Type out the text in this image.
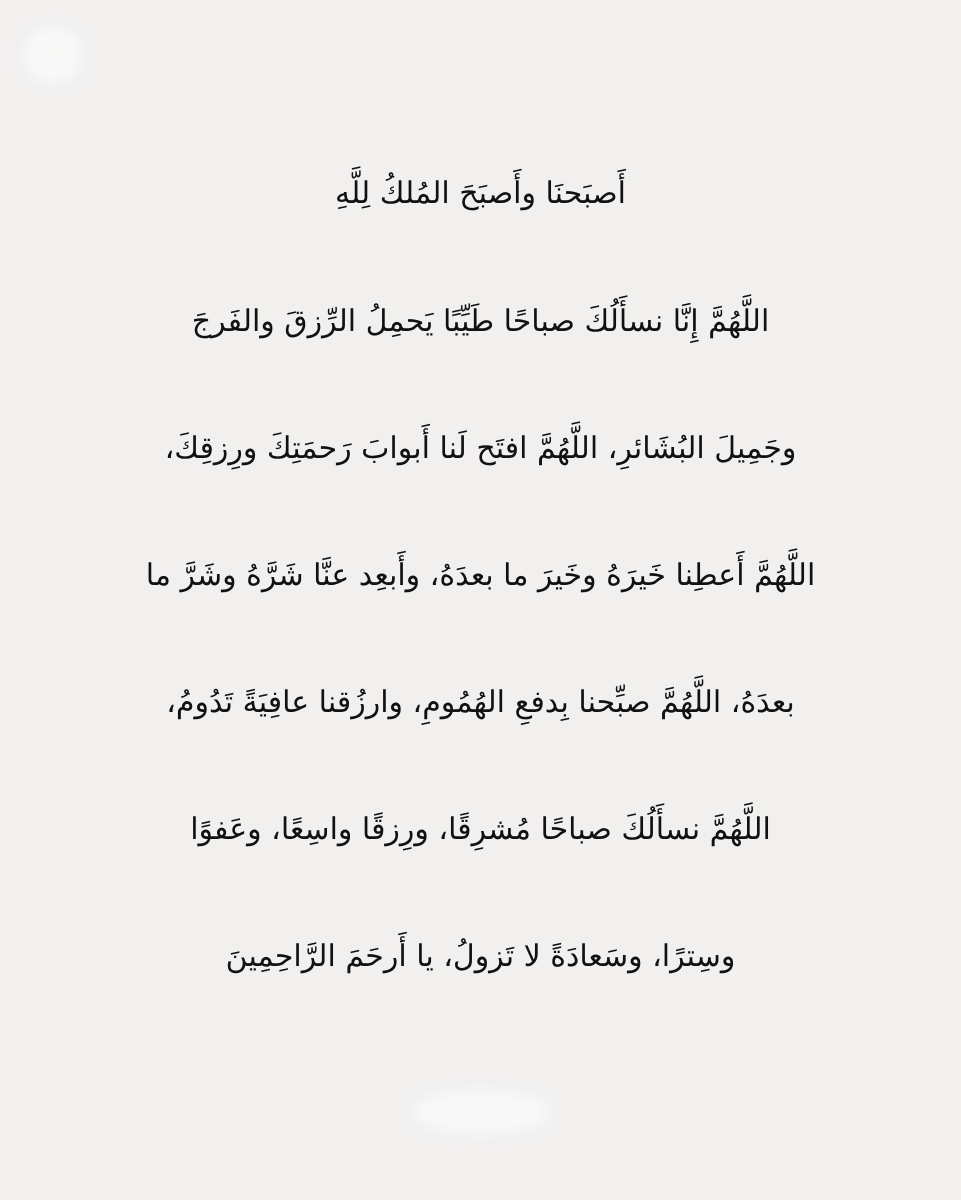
أَصبَحنَا وأَصبَحَ المُلكُ لِلَّهِ
اللَّهُمَّ إِنَّا نسأَلُكَ صباحًا طَيِّبًا يَحمِلُ الرِّزقَ والفَرجَ
وجَمِيلَ البُشَائرِ، اللَّهُمَّ افتَح لَنا أَبوابَ رَحمَتِكَ ورِزقِكَ،
اللَّهُمَّ أَعطِنا خَيرَهُ وخَيرَ ما بعدَهُ، وأَبعِد عنَّا شَرَّهُ وشَرَّ ما
بعدَهُ، اللَّهُمَّ صبِّحنا بِدفعِ الهُمُومِ، وارزُقنا عافِيَةً تَدُومُ،
اللَّهُمَّ نسأَلُكَ صباحًا مُشرِقًا، ورِزقًا واسِعًا، وعَفوًا
وسِترًا، وسَعادَةً لا تَزولُ، يا أَرحَمَ الرَّاحِمِينَ
